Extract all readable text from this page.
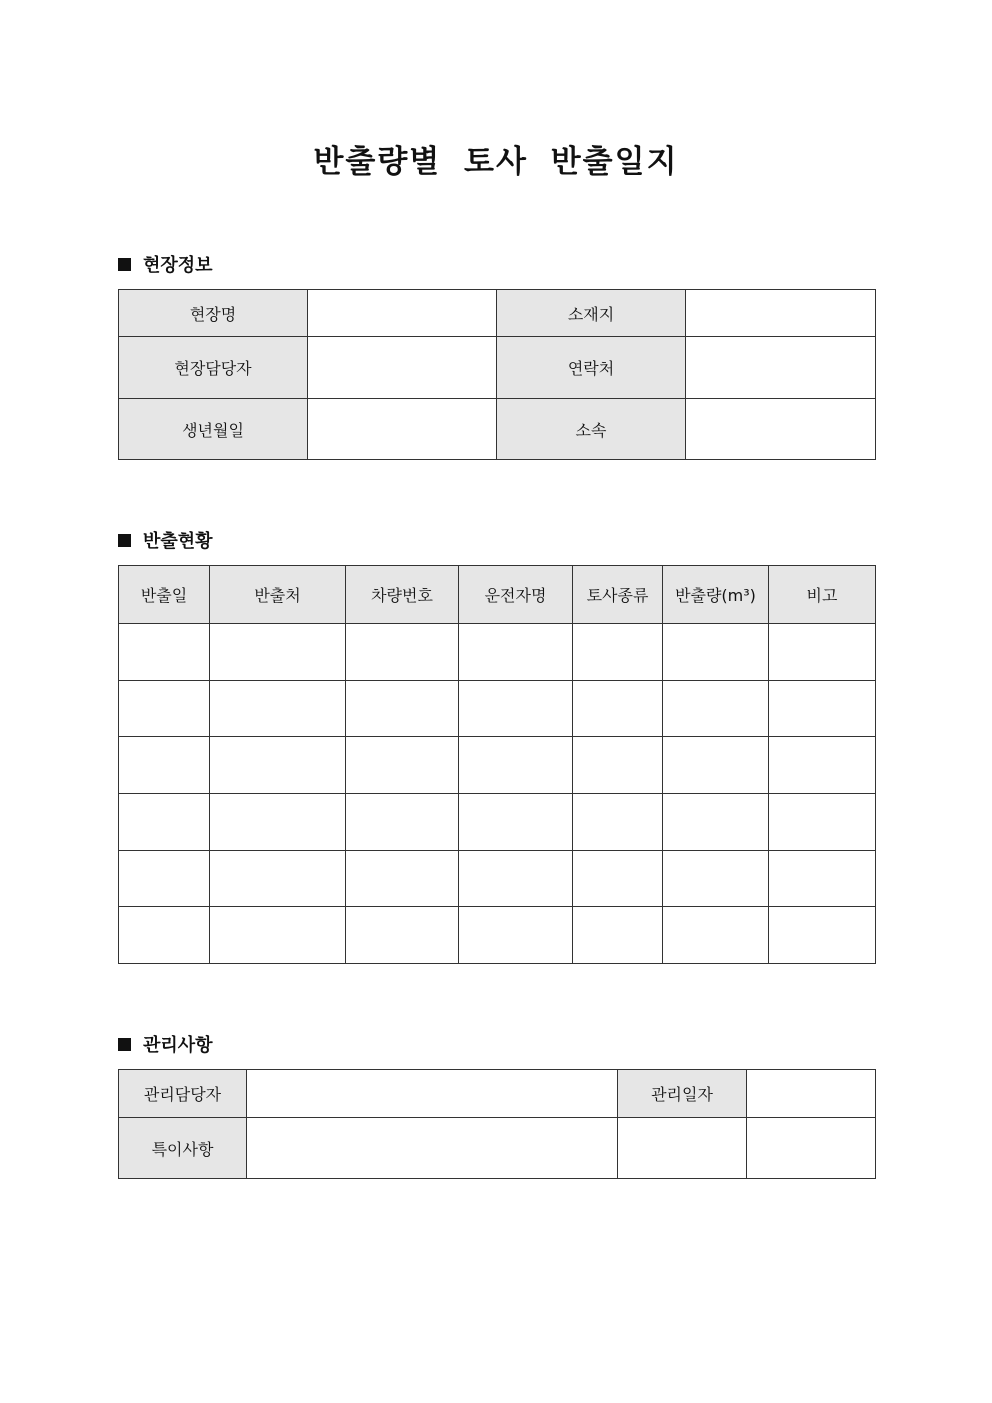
반출량별 토사 반출일지
현장정보
현장명		소재지	
현장담당자		연락처	
생년월일		소속	
반출현황
반출일	반출처	차량번호	운전자명	토사종류	반출량(m³)	비고

관리사항
관리담당자		관리일자	
특이사항			
